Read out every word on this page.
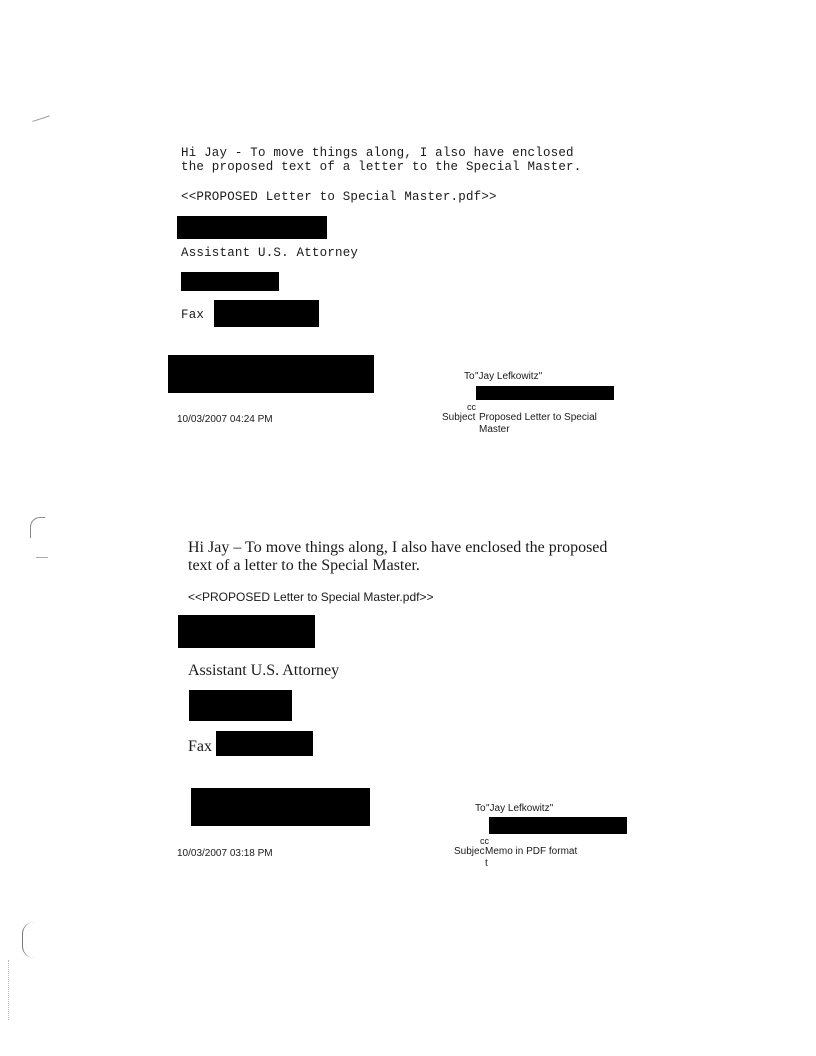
Hi Jay - To move things along, I also have enclosed

the proposed text of a letter to the Special Master.

<<PROPOSED Letter to Special Master.pdf>>

Assistant U.S. Attorney

Fax

10/03/2007 04:24 PM

To "Jay Lefkowitz"
cc
Subject Proposed Letter to Special
Master

Hi Jay – To move things along, I also have enclosed the proposed

text of a letter to the Special Master.

<<PROPOSED Letter to Special Master.pdf>>

Assistant U.S. Attorney

Fax

10/03/2007 03:18 PM

To "Jay Lefkowitz"
cc
Subjec Memo in PDF format
t
